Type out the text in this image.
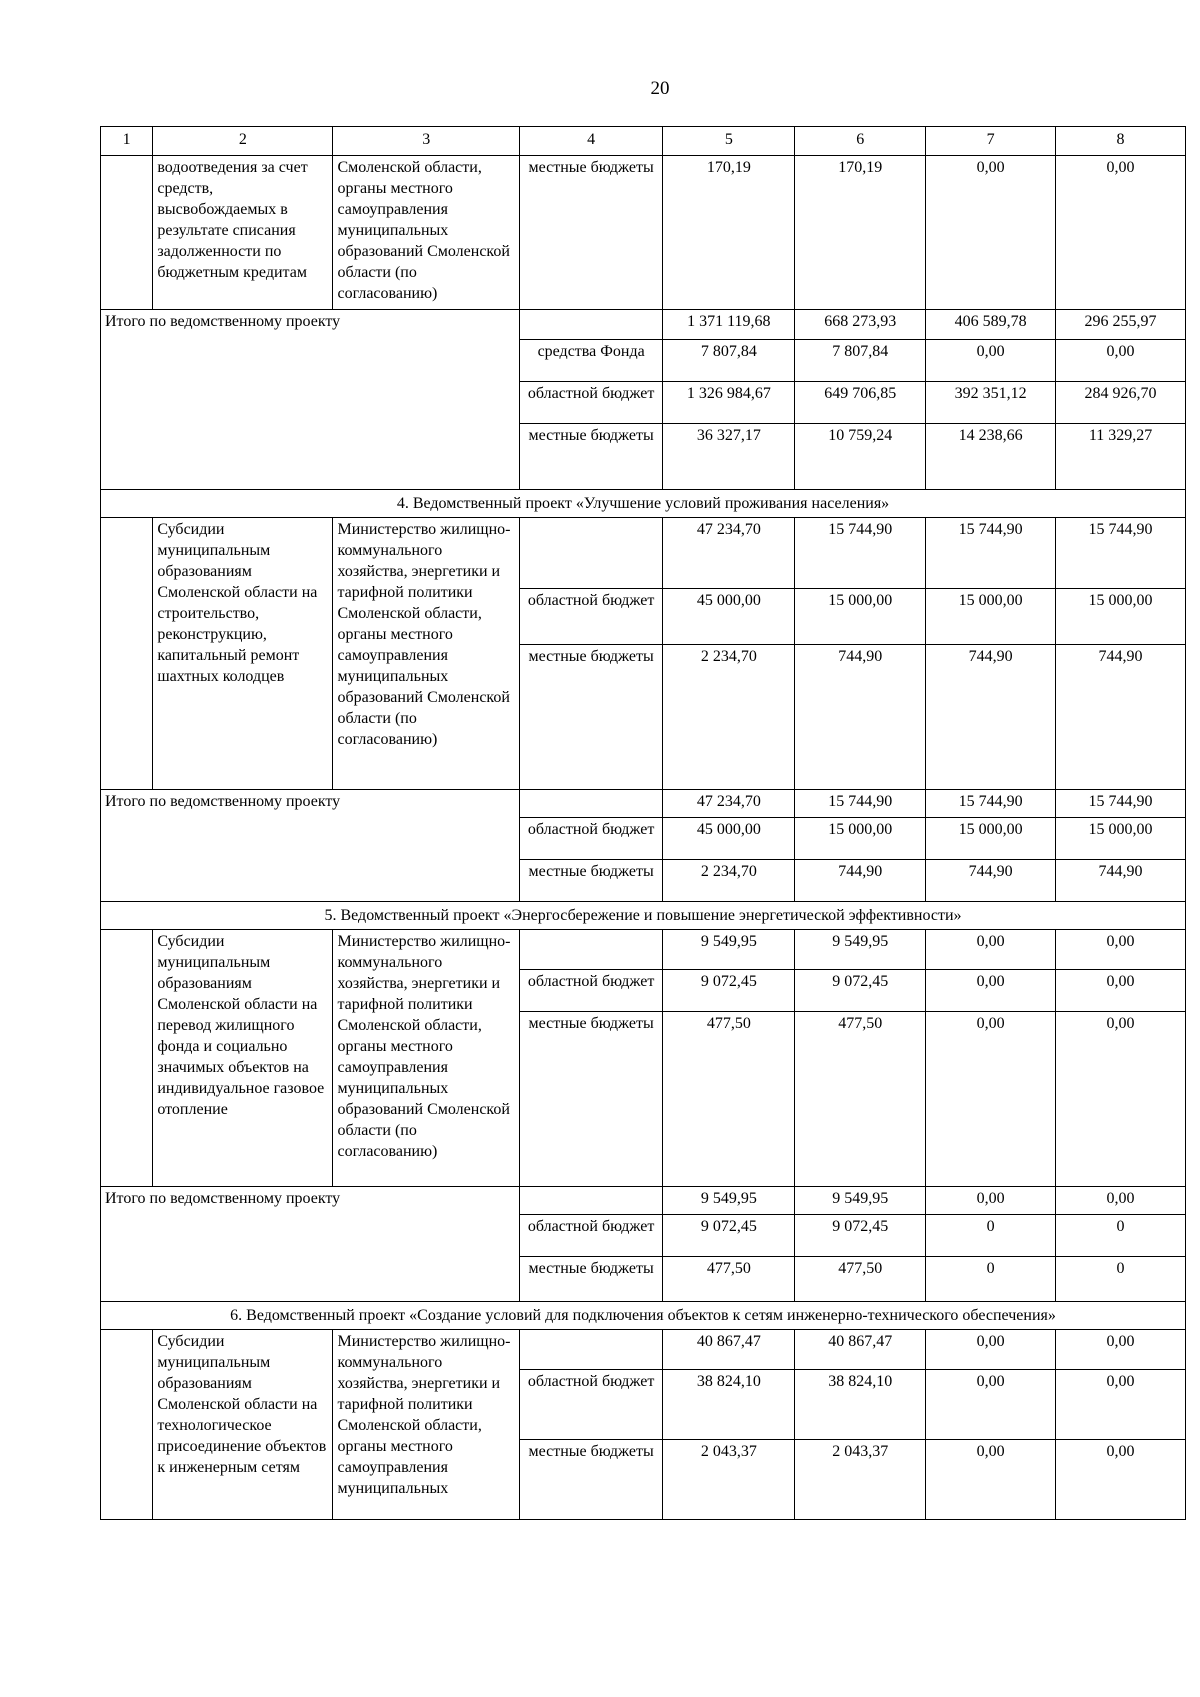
20
1	2	3	4	5	6	7	8
	водоотведения за счет средств, высвобождаемых в результате списания задолженности по бюджетным кредитам	Смоленской области, органы местного самоуправления муниципальных образований Смоленской области (по согласованию)	местные бюджеты	170,19	170,19	0,00	0,00
Итого по ведомственному проекту				1 371 119,68	668 273,93	406 589,78	296 255,97
			средства Фонда	7 807,84	7 807,84	0,00	0,00
			областной бюджет	1 326 984,67	649 706,85	392 351,12	284 926,70
			местные бюджеты	36 327,17	10 759,24	14 238,66	11 329,27
4. Ведомственный проект «Улучшение условий проживания населения»							
	Субсидии муниципальным образованиям Смоленской области на строительство, реконструкцию, капитальный ремонт шахтных колодцев	Министерство жилищно-коммунального хозяйства, энергетики и тарифной политики Смоленской области, органы местного самоуправления муниципальных образований Смоленской области (по согласованию)		47 234,70	15 744,90	15 744,90	15 744,90
			областной бюджет	45 000,00	15 000,00	15 000,00	15 000,00
			местные бюджеты	2 234,70	744,90	744,90	744,90
Итого по ведомственному проекту				47 234,70	15 744,90	15 744,90	15 744,90
			областной бюджет	45 000,00	15 000,00	15 000,00	15 000,00
			местные бюджеты	2 234,70	744,90	744,90	744,90
5. Ведомственный проект «Энергосбережение и повышение энергетической эффективности»							
	Субсидии муниципальным образованиям Смоленской области на перевод жилищного фонда и социально значимых объектов на индивидуальное газовое отопление	Министерство жилищно-коммунального хозяйства, энергетики и тарифной политики Смоленской области, органы местного самоуправления муниципальных образований Смоленской области (по согласованию)		9 549,95	9 549,95	0,00	0,00
			областной бюджет	9 072,45	9 072,45	0,00	0,00
			местные бюджеты	477,50	477,50	0,00	0,00
Итого по ведомственному проекту				9 549,95	9 549,95	0,00	0,00
			областной бюджет	9 072,45	9 072,45	0	0
			местные бюджеты	477,50	477,50	0	0
6. Ведомственный проект «Создание условий для подключения объектов к сетям инженерно-технического обеспечения»							
	Субсидии муниципальным образованиям Смоленской области на технологическое присоединение объектов к инженерным сетям	Министерство жилищно-коммунального хозяйства, энергетики и тарифной политики Смоленской области, органы местного самоуправления муниципальных		40 867,47	40 867,47	0,00	0,00
			областной бюджет	38 824,10	38 824,10	0,00	0,00
			местные бюджеты	2 043,37	2 043,37	0,00	0,00
